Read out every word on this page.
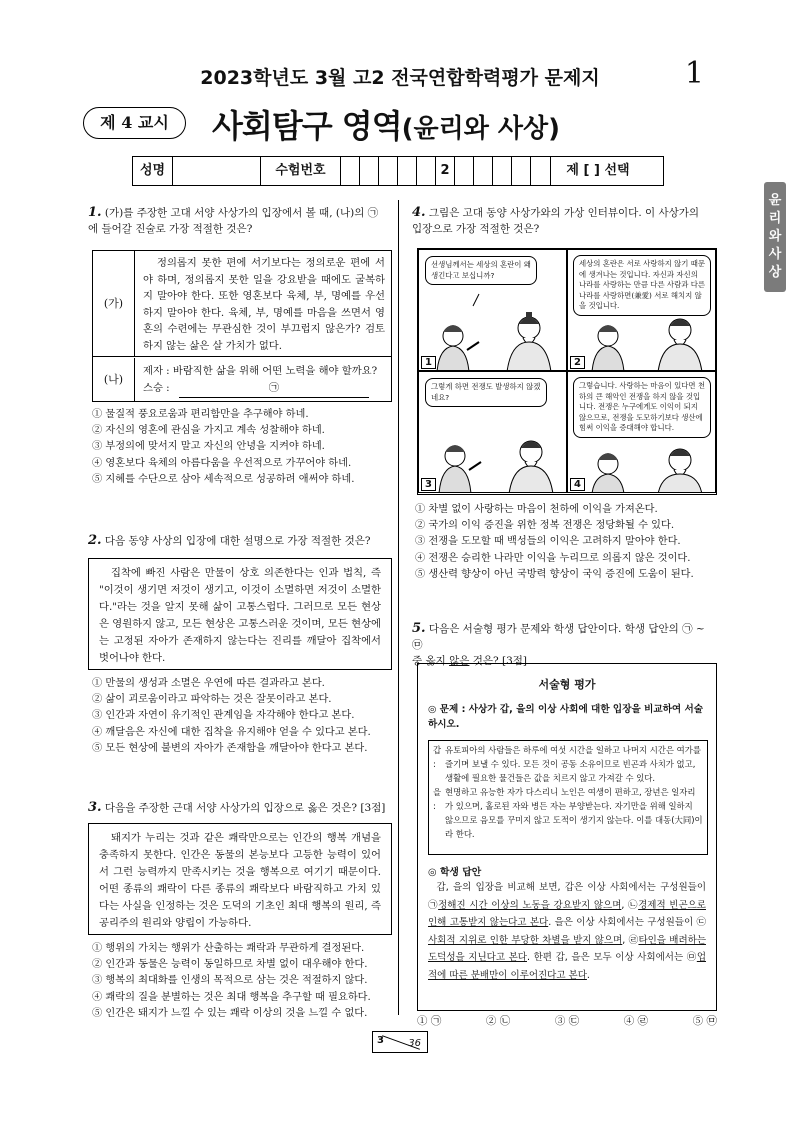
2023학년도 3월 고2 전국연합학력평가 문제지	1
제 4 교시	사회탐구 영역(윤리와 사상)
성명	수험번호	2	제 [ ] 선택
윤
리
와
사
상
1. (가)를 주장한 고대 서양 사상가의 입장에서 볼 때, (나)의 ㉠
에 들어갈 진술로 가장 적절한 것은?
(가)
정의롭지 못한 편에 서기보다는 정의로운 편에 서야 하며, 정의롭지 못한 일을 강요받을 때에도 굴복하지 말아야 한다. 또한 영혼보다 육체, 부, 명예를 우선하지 말아야 한다. 육체, 부, 명예를 마음을 쓰면서 영혼의 수련에는 무관심한 것이 부끄럽지 않은가? 검토하지 않는 삶은 살 가치가 없다.
(나)
제자 : 바람직한 삶을 위해 어떤 노력을 해야 할까요?
스승 :	㉠
① 물질적 풍요로움과 편리함만을 추구해야 하네.
② 자신의 영혼에 관심을 가지고 계속 성찰해야 하네.
③ 부정의에 맞서지 말고 자신의 안녕을 지켜야 하네.
④ 영혼보다 육체의 아름다움을 우선적으로 가꾸어야 하네.
⑤ 지혜를 수단으로 삼아 세속적으로 성공하려 애써야 하네.
2. 다음 동양 사상의 입장에 대한 설명으로 가장 적절한 것은?
집착에 빠진 사람은 만물이 상호 의존한다는 인과 법칙, 즉 "이것이 생기면 저것이 생기고, 이것이 소멸하면 저것이 소멸한다."라는 것을 알지 못해 삶이 고통스럽다. 그러므로 모든 현상은 영원하지 않고, 모든 현상은 고통스러운 것이며, 모든 현상에는 고정된 자아가 존재하지 않는다는 진리를 깨달아 집착에서 벗어나야 한다.
① 만물의 생성과 소멸은 우연에 따른 결과라고 본다.
② 삶이 괴로움이라고 파악하는 것은 잘못이라고 본다.
③ 인간과 자연이 유기적인 관계임을 자각해야 한다고 본다.
④ 깨달음은 자신에 대한 집착을 유지해야 얻을 수 있다고 본다.
⑤ 모든 현상에 불변의 자아가 존재함을 깨달아야 한다고 본다.
3. 다음을 주장한 근대 서양 사상가의 입장으로 옳은 것은? [3점]
돼지가 누리는 것과 같은 쾌락만으로는 인간의 행복 개념을 충족하지 못한다. 인간은 동물의 본능보다 고등한 능력이 있어서 그런 능력까지 만족시키는 것을 행복으로 여기기 때문이다. 어떤 종류의 쾌락이 다른 종류의 쾌락보다 바람직하고 가치 있다는 사실을 인정하는 것은 도덕의 기초인 최대 행복의 원리, 즉 공리주의 원리와 양립이 가능하다.
① 행위의 가치는 행위가 산출하는 쾌락과 무관하게 결정된다.
② 인간과 동물은 능력이 동일하므로 차별 없이 대우해야 한다.
③ 행복의 최대화를 인생의 목적으로 삼는 것은 적절하지 않다.
④ 쾌락의 질을 분별하는 것은 최대 행복을 추구할 때 필요하다.
⑤ 인간은 돼지가 느낄 수 있는 쾌락 이상의 것을 느낄 수 없다.
4. 그림은 고대 동양 사상가와의 가상 인터뷰이다. 이 사상가의
입장으로 가장 적절한 것은?
선생님께서는 세상의 혼란이 왜 생긴다고 보십니까?
1
세상의 혼란은 서로 사랑하지 않기 때문에 생겨나는 것입니다. 자신과 자신의 나라를 사랑하는 만큼 다른 사람과 다른 나라를 사랑하면(兼愛) 서로 해치지 않을 것입니다.
2
그렇게 하면 전쟁도 발생하지 않겠네요?
3
그렇습니다. 사랑하는 마음이 있다면 천하의 큰 해악인 전쟁을 하지 않을 것입니다. 전쟁은 누구에게도 이익이 되지 않으므로, 전쟁을 도모하기보다 생산에 힘써 이익을 증대해야 합니다.
4
① 차별 없이 사랑하는 마음이 천하에 이익을 가져온다.
② 국가의 이익 증진을 위한 정복 전쟁은 정당화될 수 있다.
③ 전쟁을 도모할 때 백성들의 이익은 고려하지 말아야 한다.
④ 전쟁은 승리한 나라만 이익을 누리므로 의롭지 않은 것이다.
⑤ 생산력 향상이 아닌 국방력 향상이 국익 증진에 도움이 된다.
5. 다음은 서술형 평가 문제와 학생 답안이다. 학생 답안의 ㉠ ~ ㉤
중 옳지 않은 것은? [3점]
서술형 평가
◎ 문제 : 사상가 갑, 을의 이상 사회에 대한 입장을 비교하여 서술하시오.
갑 :
유토피아의 사람들은 하루에 여섯 시간을 일하고 나머지 시간은 여가를 즐기며 보낼 수 있다. 모든 것이 공동 소유이므로 빈곤과 사치가 없고, 생활에 필요한 물건들은 값을 치르지 않고 가져갈 수 있다.
을 :
현명하고 유능한 자가 다스리니 노인은 여생이 편하고, 장년은 일자리가 있으며, 홀로된 자와 병든 자는 부양받는다. 자기만을 위해 일하지 않으므로 음모를 꾸미지 않고 도적이 생기지 않는다. 이를 대동(大同)이라 한다.
◎ 학생 답안
갑, 을의 입장을 비교해 보면, 갑은 이상 사회에서는 구성원들이 ㉠정해진 시간 이상의 노동을 강요받지 않으며, ㉡경제적 빈곤으로 인해 고통받지 않는다고 본다. 을은 이상 사회에서는 구성원들이 ㉢사회적 지위로 인한 부당한 차별을 받지 않으며, ㉣타인을 배려하는 도덕성을 지닌다고 본다. 한편 갑, 을은 모두 이상 사회에서는 ㉤업적에 따른 분배만이 이루어진다고 본다.
① ㉠	② ㉡	③ ㉢	④ ㉣	⑤ ㉤
3 36
